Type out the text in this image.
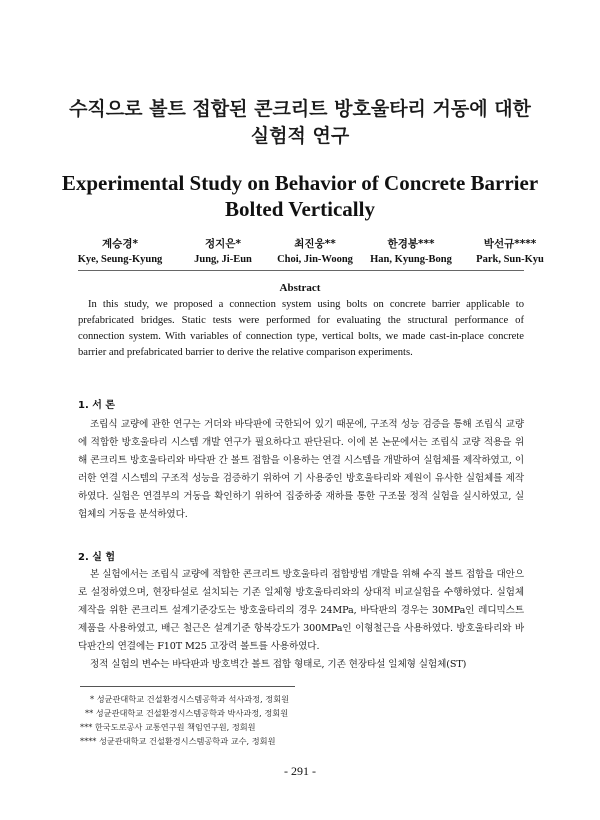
수직으로 볼트 접합된 콘크리트 방호울타리 거동에 대한
실험적 연구
Experimental Study on Behavior of Concrete Barrier
Bolted Vertically
계승경*
Kye, Seung-Kyung
정지은*
Jung, Ji-Eun
최진웅**
Choi, Jin-Woong
한경봉***
Han, Kyung-Bong
박선규****
Park, Sun-Kyu
Abstract
In this study, we proposed a connection system using bolts on concrete barrier applicable to prefabricated bridges. Static tests were performed for evaluating the structural performance of connection system. With variables of connection type, vertical bolts, we made cast-in-place concrete barrier and prefabricated barrier to derive the relative comparison experiments.
1. 서 론
조립식 교량에 관한 연구는 거더와 바닥판에 국한되어 있기 때문에, 구조적 성능 검증을 통해 조립식 교량에 적합한 방호울타리 시스템 개발 연구가 필요하다고 판단된다. 이에 본 논문에서는 조립식 교량 적용을 위해 콘크리트 방호울타리와 바닥판 간 볼트 접합을 이용하는 연결 시스템을 개발하여 실험체를 제작하였고, 이러한 연결 시스템의 구조적 성능을 검증하기 위하여 기 사용중인 방호울타리와 제원이 유사한 실험체를 제작하였다. 실험은 연결부의 거동을 확인하기 위하여 집중하중 재하를 통한 구조물 정적 실험을 실시하였고, 실험체의 거동을 분석하였다.
2. 실 험
본 실험에서는 조립식 교량에 적합한 콘크리트 방호울타리 접합방법 개발을 위해 수직 볼트 접합을 대안으로 설정하였으며, 현장타설로 설치되는 기존 일체형 방호울타리와의 상대적 비교실험을 수행하였다. 실험체 제작을 위한 콘크리트 설계기준강도는 방호울타리의 경우 24MPa, 바닥판의 경우는 30MPa인 레디믹스트 제품을 사용하였고, 배근 철근은 설계기준 항복강도가 300MPa인 이형철근을 사용하였다. 방호울타리와 바닥판간의 연결에는 F10T M25 고장력 볼트를 사용하였다.
정적 실험의 변수는 바닥판과 방호벽간 볼트 접합 형태로, 기존 현장타설 일체형 실험체(ST)
* 성균관대학교 건설환경시스템공학과 석사과정, 정회원
** 성균관대학교 건설환경시스템공학과 박사과정, 정회원
*** 한국도로공사 교통연구원 책임연구원, 정회원
**** 성균관대학교 건설환경시스템공학과 교수, 정회원
- 291 -
